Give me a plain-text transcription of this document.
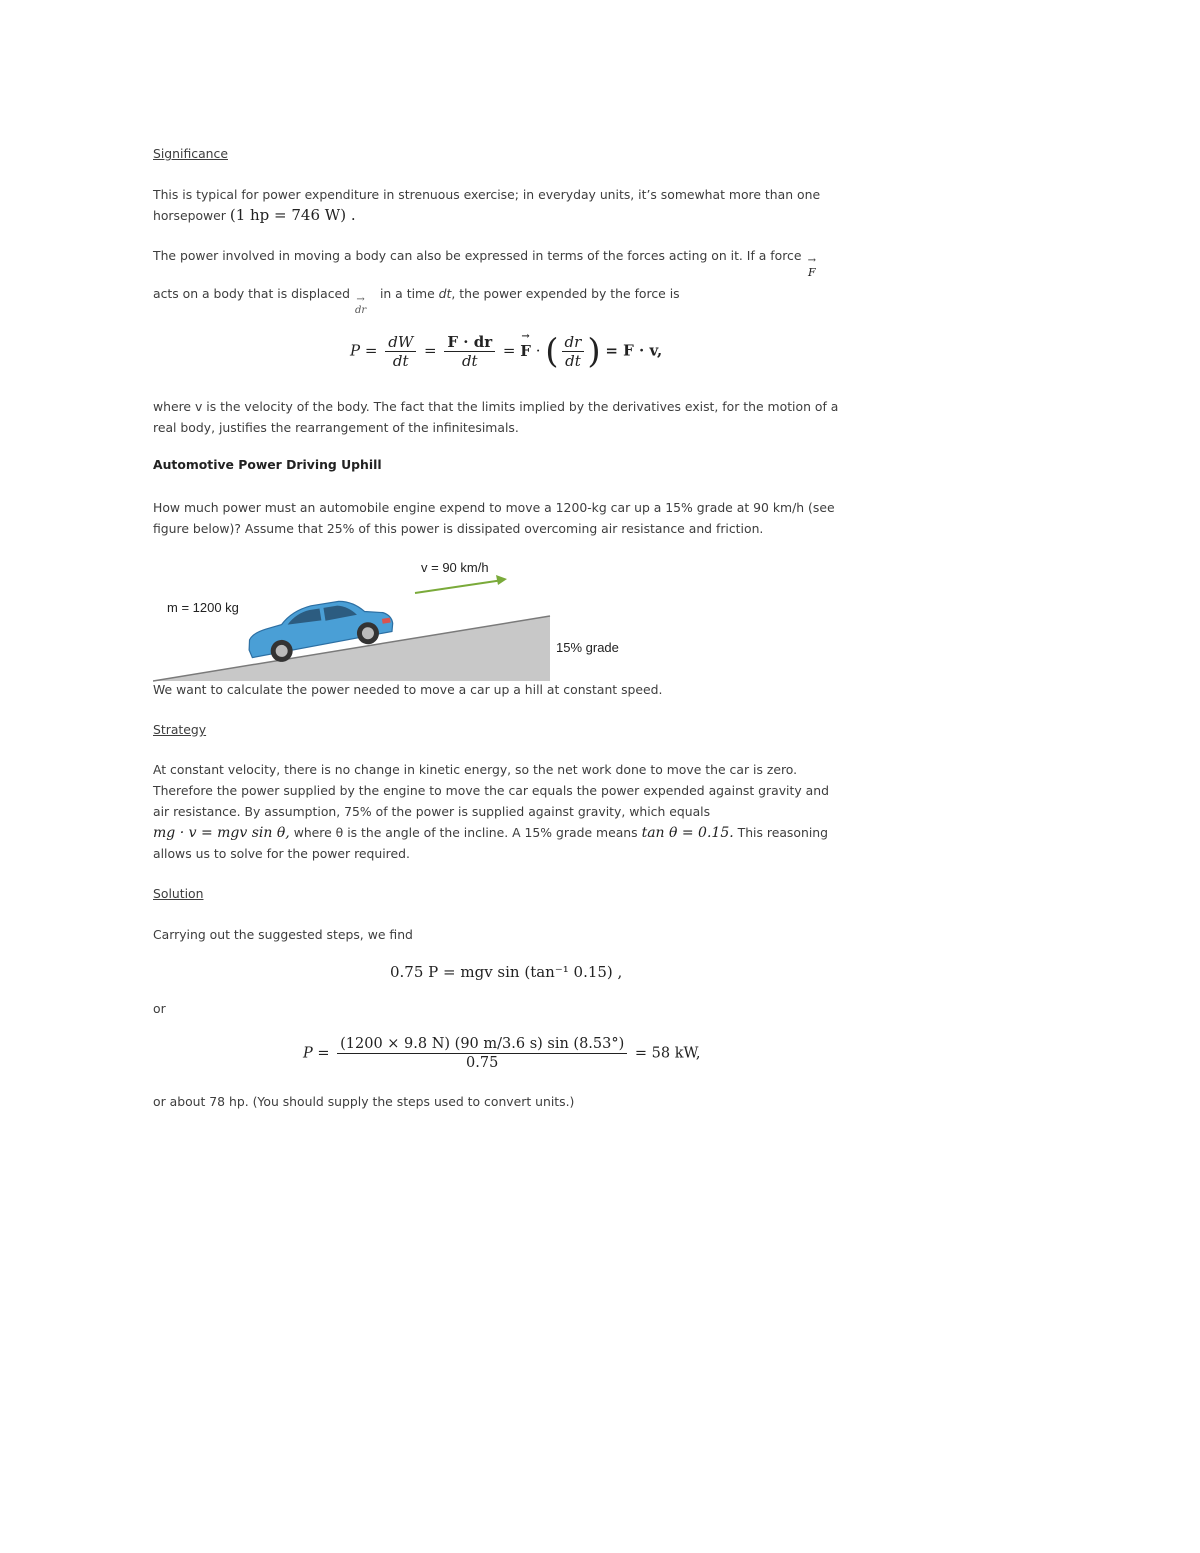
Significance
This is typical for power expenditure in strenuous exercise; in everyday units, it’s somewhat more than one horsepower (1 hp = 746 W) .
The power involved in moving a body can also be expressed in terms of the forces acting on it. If a force
→ F
acts on a body that is displaced in a time dt, the power expended by the force is
→ dr
$P = \frac{dW}{dt} = \frac{F \cdot dr}{dt}$ = → F · ( $\frac{dr}{dt}$ ) = F · v,
where v is the velocity of the body. The fact that the limits implied by the derivatives exist, for the motion of a real body, justifies the rearrangement of the infinitesimals.
Automotive Power Driving Uphill
How much power must an automobile engine expend to move a 1200-kg car up a 15% grade at 90 km/h (see figure below)? Assume that 25% of this power is dissipated overcoming air resistance and friction.
v = 90 km/h
m = 1200 kg
15% grade
We want to calculate the power needed to move a car up a hill at constant speed.
Strategy
At constant velocity, there is no change in kinetic energy, so the net work done to move the car is zero.
Therefore the power supplied by the engine to move the car equals the power expended against gravity and
air resistance. By assumption, 75% of the power is supplied against gravity, which equals
mg · v = mgv sin θ, where θ is the angle of the incline. A 15% grade means tan θ = 0.15. This reasoning
allows us to solve for the power required.
Solution
Carrying out the suggested steps, we find
0.75 P = mgv sin (tan⁻¹ 0.15) ,
or
$P = \frac{(1200 \times 9.8 N) (90 m/3.6 s) \sin (8.53^\circ)}{0.75} = 58$ kW,
or about 78 hp. (You should supply the steps used to convert units.)
